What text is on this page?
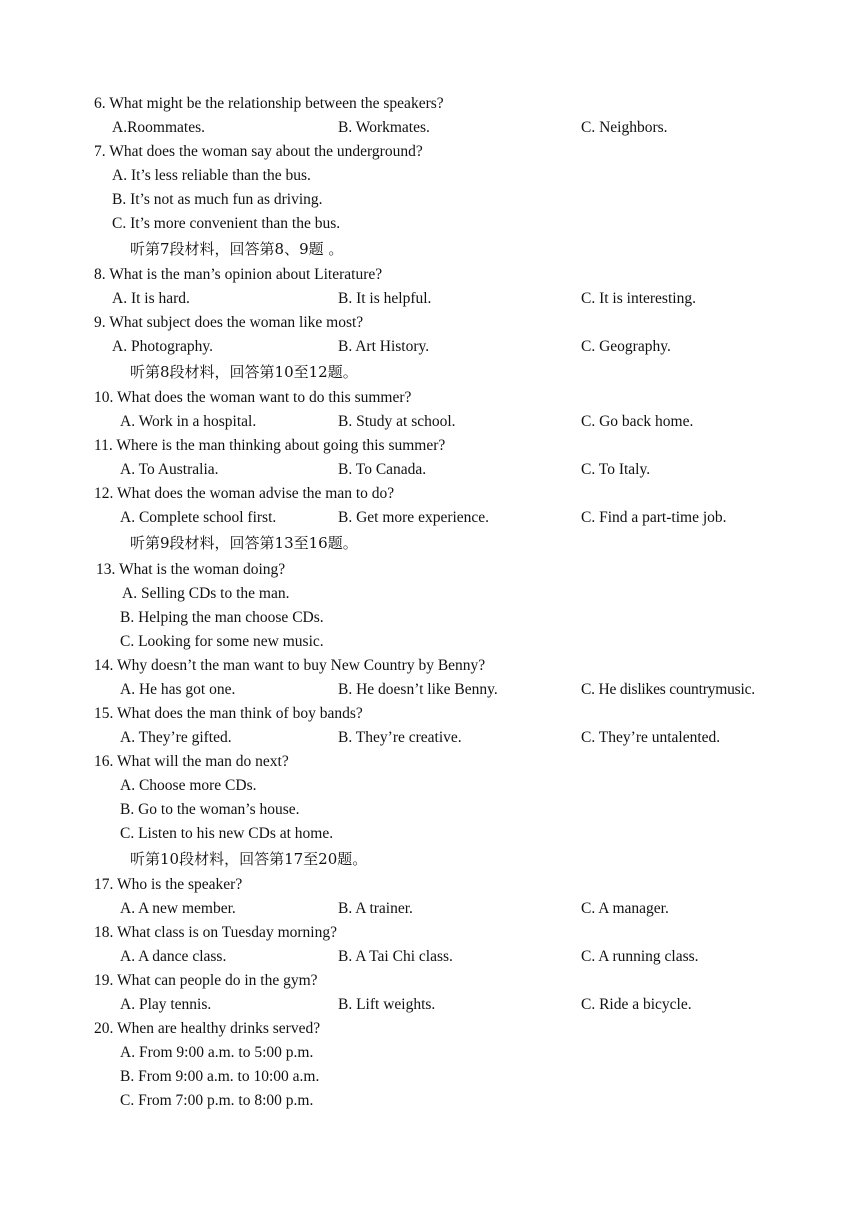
6. What might be the relationship between the speakers?
A.Roommates.	B. Workmates.	C. Neighbors.
7. What does the woman say about the underground?
A. It’s less reliable than the bus.
B. It’s not as much fun as driving.
C. It’s more convenient than the bus.
听第7段材料，回答第8、9题 。
8. What is the man’s opinion about Literature?
A. It is hard.	B. It is helpful.	C. It is interesting.
9. What subject does the woman like most?
A. Photography.	B. Art History.	C. Geography.
听第8段材料，回答第10至12题。
10. What does the woman want to do this summer?
A. Work in a hospital.	B. Study at school.	C. Go back home.
11. Where is the man thinking about going this summer?
A. To Australia.	B. To Canada.	C. To Italy.
12. What does the woman advise the man to do?
A. Complete school first.	B. Get more experience.	C. Find a part-time job.
听第9段材料，回答第13至16题。
13. What is the woman doing?
A. Selling CDs to the man.
B. Helping the man choose CDs.
C. Looking for some new music.
14. Why doesn’t the man want to buy New Country by Benny?
A. He has got one.	B. He doesn’t like Benny.	C. He dislikes countrymusic.
15. What does the man think of boy bands?
A. They’re gifted.	B. They’re creative.	C. They’re untalented.
16. What will the man do next?
A. Choose more CDs.
B. Go to the woman’s house.
C. Listen to his new CDs at home.
听第10段材料，回答第17至20题。
17. Who is the speaker?
A. A new member.	B. A trainer.	C. A manager.
18. What class is on Tuesday morning?
A. A dance class.	B. A Tai Chi class.	C. A running class.
19. What can people do in the gym?
A. Play tennis.	B. Lift weights.	C. Ride a bicycle.
20. When are healthy drinks served?
A. From 9:00 a.m. to 5:00 p.m.
B. From 9:00 a.m. to 10:00 a.m.
C. From 7:00 p.m. to 8:00 p.m.
